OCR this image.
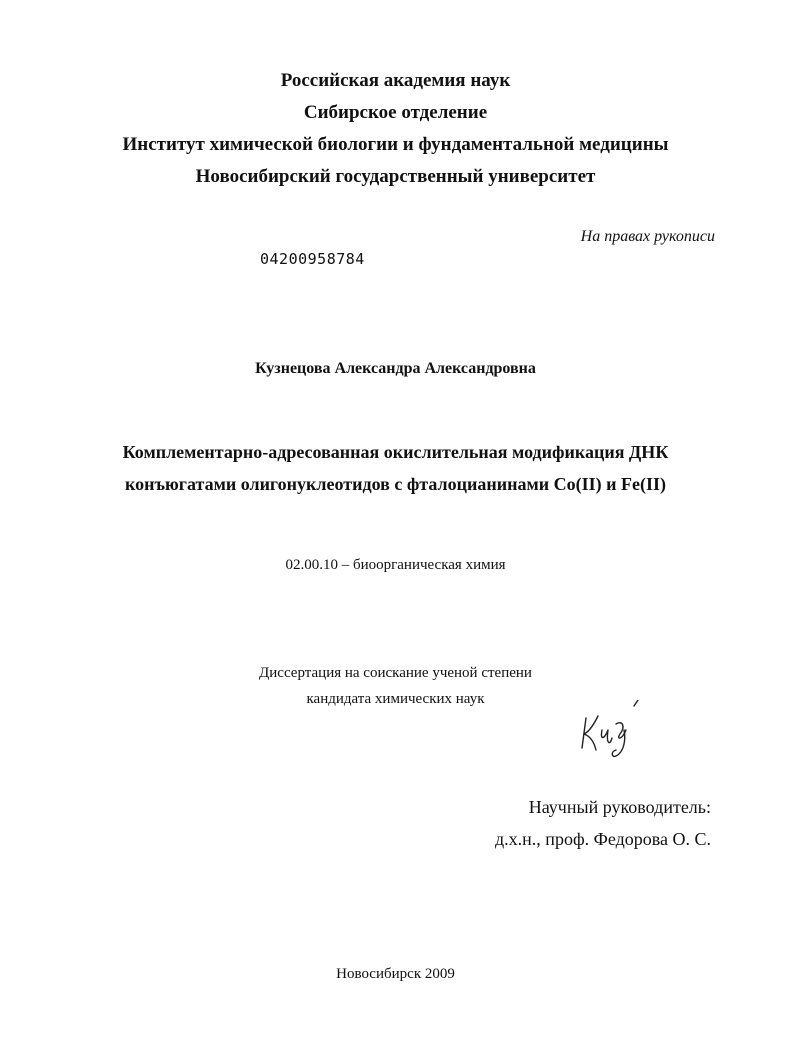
Российская академия наук
Сибирское отделение
Институт химической биологии и фундаментальной медицины
Новосибирский государственный университет
На правах рукописи
04200958784
Кузнецова Александра Александровна
Комплементарно-адресованная окислительная модификация ДНК
конъюгатами олигонуклеотидов с фталоцианинами Co(II) и Fe(II)
02.00.10 – биоорганическая химия
Диссертация на соискание ученой степени
кандидата химических наук
Научный руководитель:
д.х.н., проф. Федорова О. С.
Новосибирск 2009
